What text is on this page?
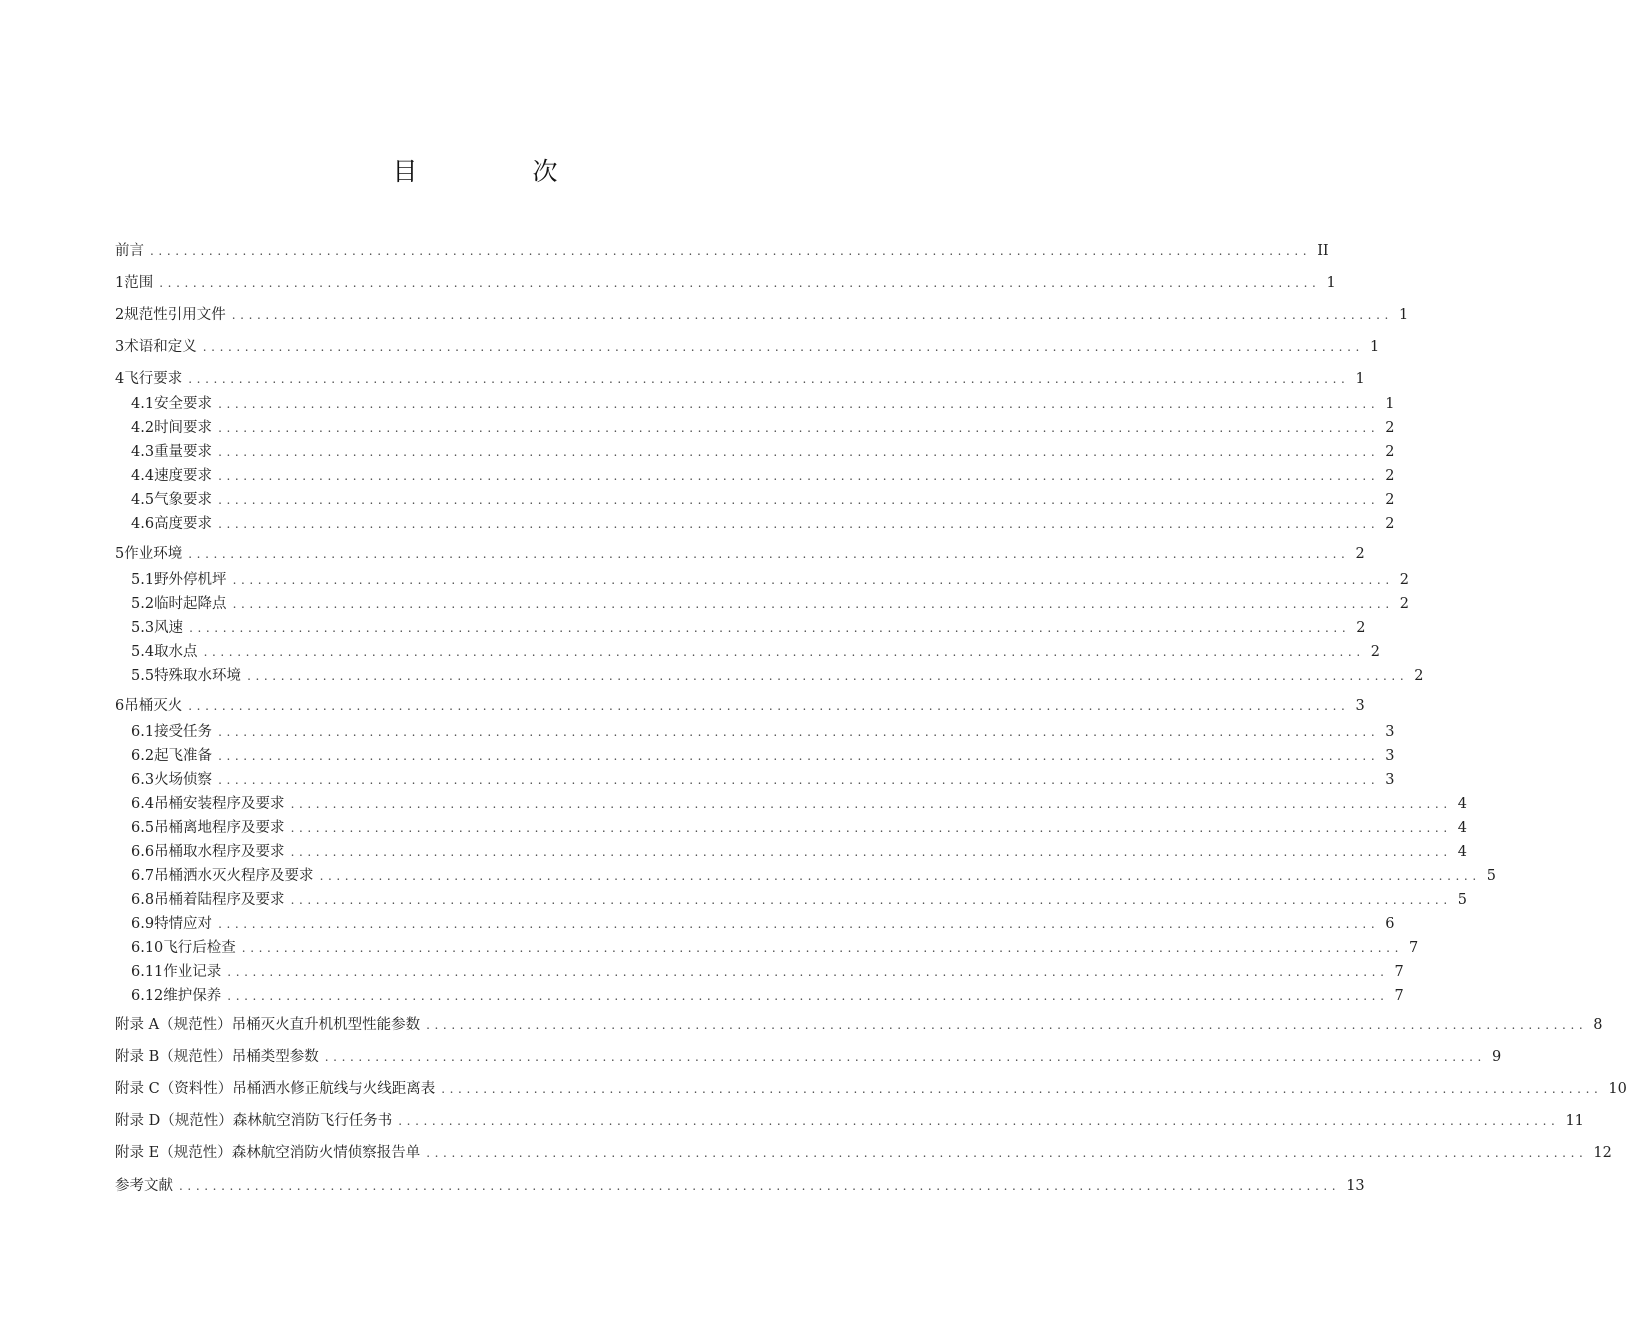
目　次
前言 .......................................................................................................................................... II
1 范围 .......................................................................................................................................... 1
2 规范性引用文件 .......................................................................................................................................... 1
3 术语和定义 .......................................................................................................................................... 1
4 飞行要求 .......................................................................................................................................... 1
4.1 安全要求 .......................................................................................................................................... 1
4.2 时间要求 .......................................................................................................................................... 2
4.3 重量要求 .......................................................................................................................................... 2
4.4 速度要求 .......................................................................................................................................... 2
4.5 气象要求 .......................................................................................................................................... 2
4.6 高度要求 .......................................................................................................................................... 2
5 作业环境 .......................................................................................................................................... 2
5.1 野外停机坪 .......................................................................................................................................... 2
5.2 临时起降点 .......................................................................................................................................... 2
5.3 风速 .......................................................................................................................................... 2
5.4 取水点 .......................................................................................................................................... 2
5.5 特殊取水环境 .......................................................................................................................................... 2
6 吊桶灭火 .......................................................................................................................................... 3
6.1 接受任务 .......................................................................................................................................... 3
6.2 起飞准备 .......................................................................................................................................... 3
6.3 火场侦察 .......................................................................................................................................... 3
6.4 吊桶安装程序及要求 .......................................................................................................................................... 4
6.5 吊桶离地程序及要求 .......................................................................................................................................... 4
6.6 吊桶取水程序及要求 .......................................................................................................................................... 4
6.7 吊桶洒水灭火程序及要求 .......................................................................................................................................... 5
6.8 吊桶着陆程序及要求 .......................................................................................................................................... 5
6.9 特情应对 .......................................................................................................................................... 6
6.10 飞行后检查 .......................................................................................................................................... 7
6.11 作业记录 .......................................................................................................................................... 7
6.12 维护保养 .......................................................................................................................................... 7
附录 A（规范性） 吊桶灭火直升机机型性能参数 .......................................................................................................................................... 8
附录 B（规范性） 吊桶类型参数 .......................................................................................................................................... 9
附录 C（资料性） 吊桶洒水修正航线与火线距离表 .......................................................................................................................................... 10
附录 D（规范性） 森林航空消防飞行任务书 .......................................................................................................................................... 11
附录 E（规范性） 森林航空消防火情侦察报告单 .......................................................................................................................................... 12
参考文献 .......................................................................................................................................... 13
